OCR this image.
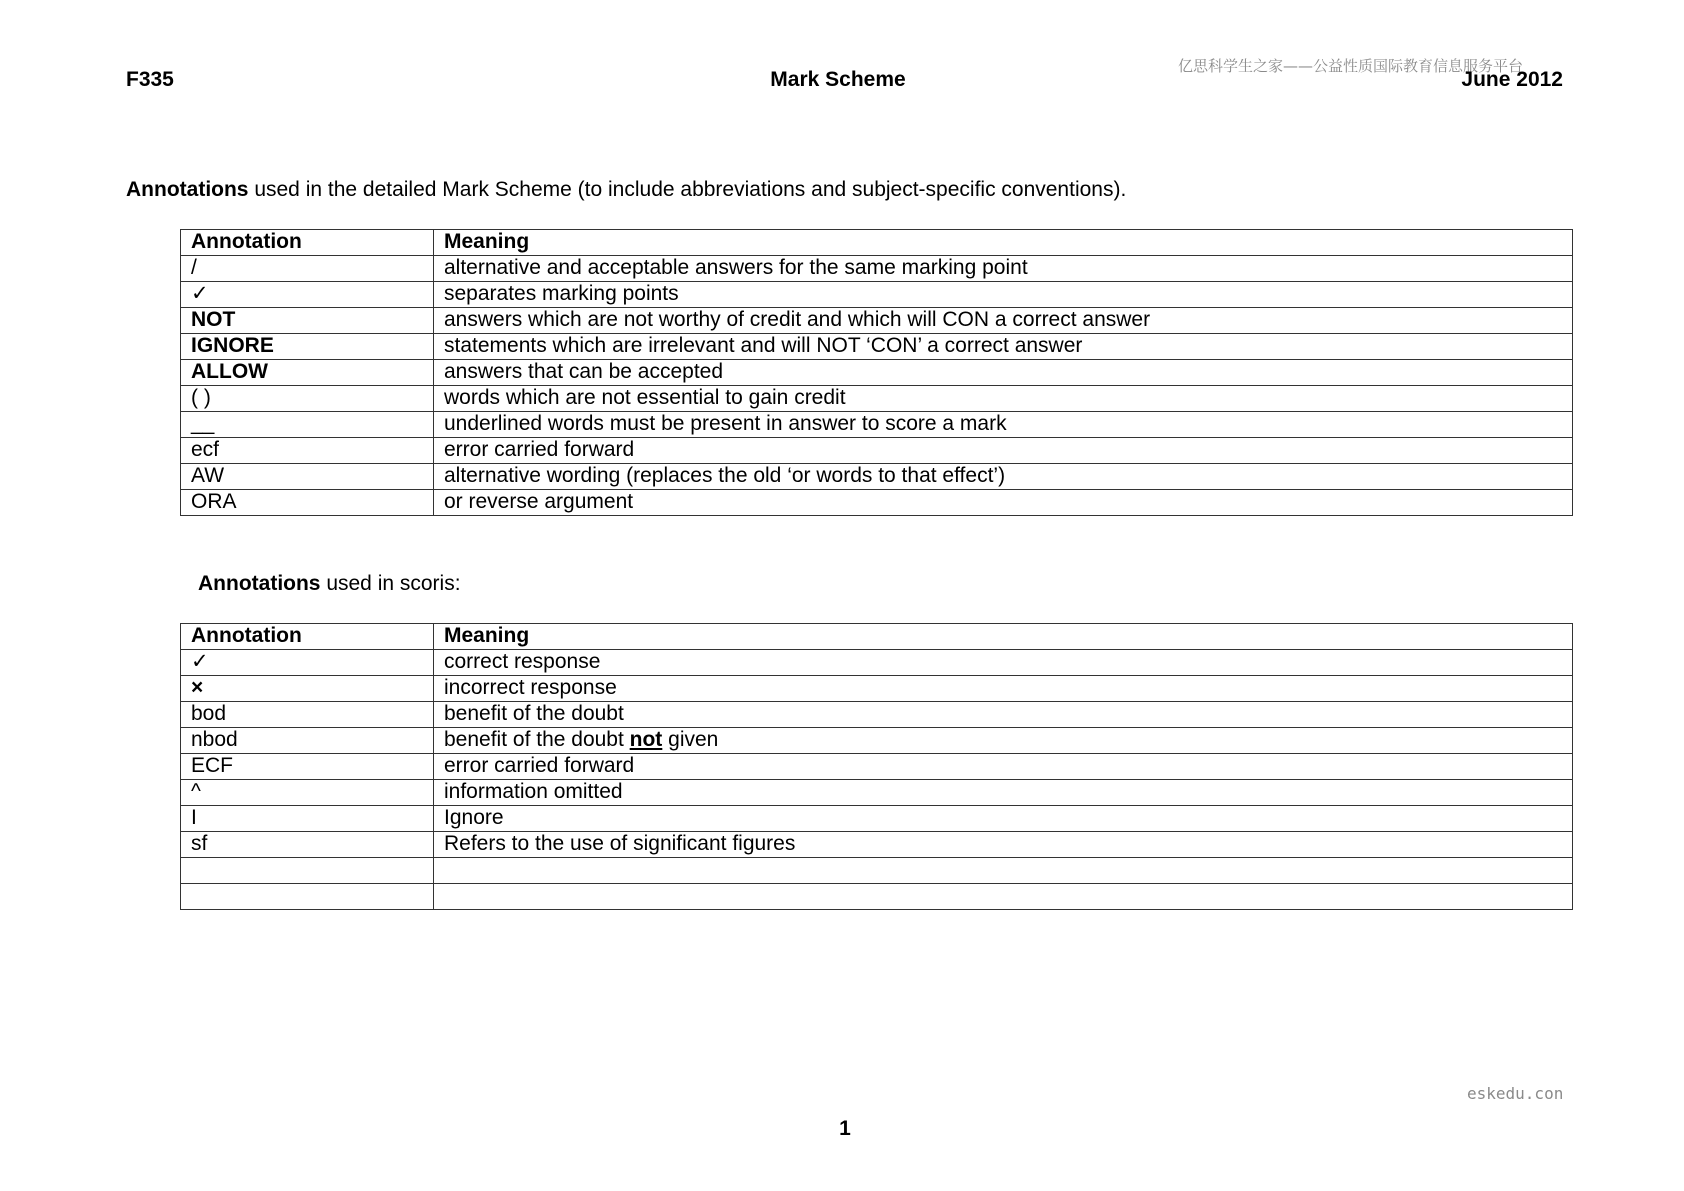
亿思科学生之家——公益性质国际教育信息服务平台
F335	Mark Scheme	June 2012
Annotations used in the detailed Mark Scheme (to include abbreviations and subject-specific conventions).
Annotation	Meaning
/	alternative and acceptable answers for the same marking point
✓	separates marking points
NOT	answers which are not worthy of credit and which will CON a correct answer
IGNORE	statements which are irrelevant and will NOT ‘CON’ a correct answer
ALLOW	answers that can be accepted
( )	words which are not essential to gain credit
__	underlined words must be present in answer to score a mark
ecf	error carried forward
AW	alternative wording (replaces the old ‘or words to that effect’)
ORA	or reverse argument
Annotations used in scoris:
Annotation	Meaning
✓	correct response
×	incorrect response
bod	benefit of the doubt
nbod	benefit of the doubt not given
ECF	error carried forward
^	information omitted
I	Ignore
sf	Refers to the use of significant figures

eskedu.con
1
